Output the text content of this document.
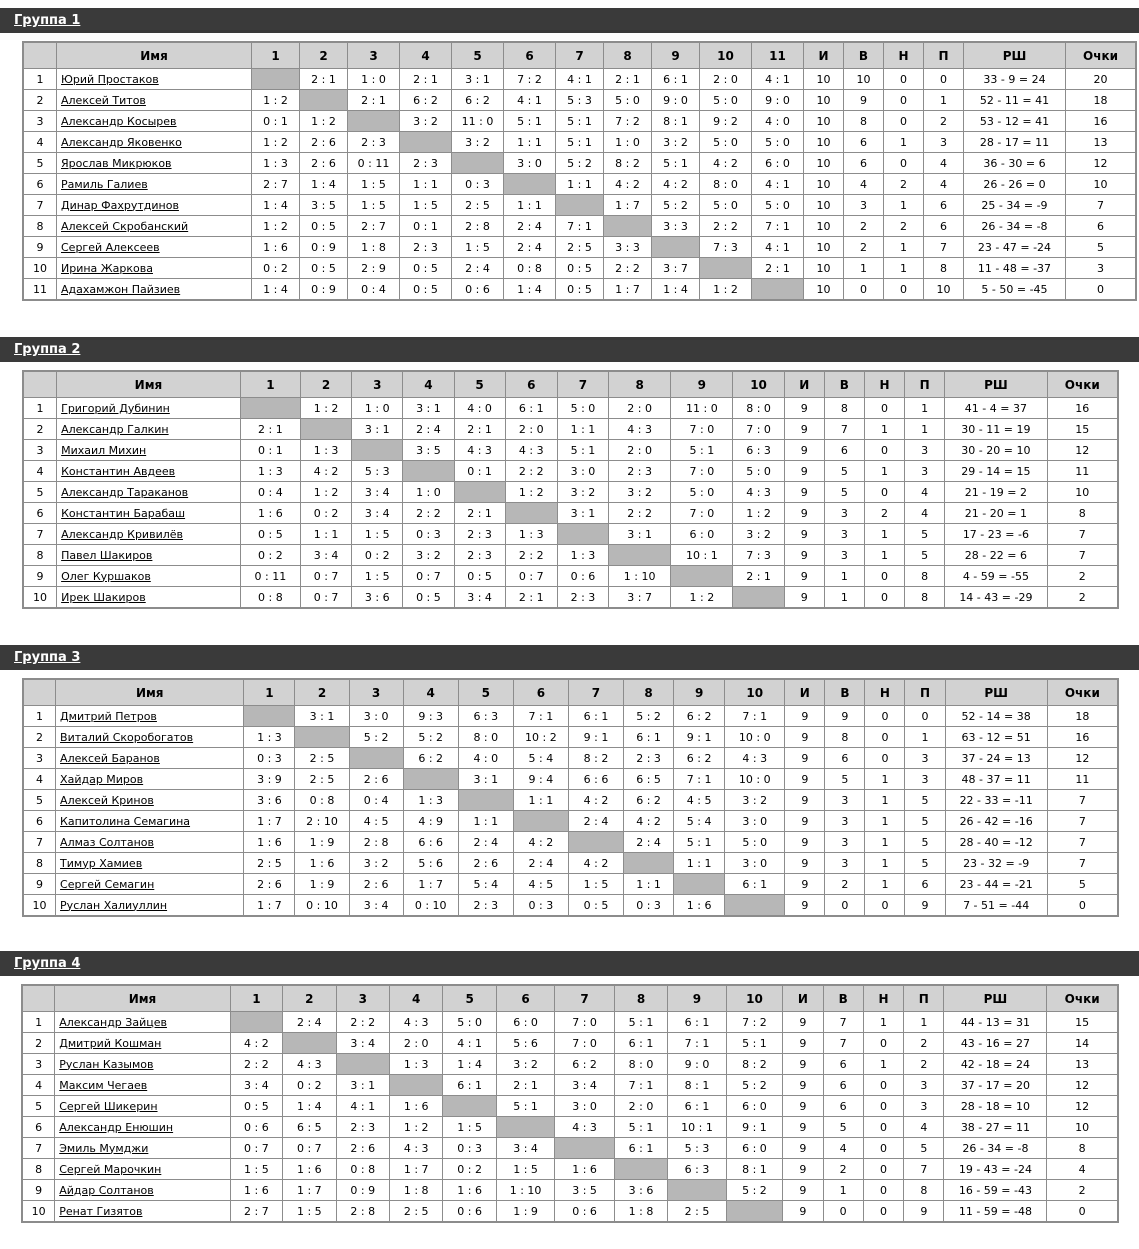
Группа 1
	Имя	1	2	3	4	5	6	7	8	9	10	11	И	В	Н	П	РШ	Очки
1	Юрий Простаков		2 : 1	1 : 0	2 : 1	3 : 1	7 : 2	4 : 1	2 : 1	6 : 1	2 : 0	4 : 1	10	10	0	0	33 - 9 = 24	20
2	Алексей Титов	1 : 2		2 : 1	6 : 2	6 : 2	4 : 1	5 : 3	5 : 0	9 : 0	5 : 0	9 : 0	10	9	0	1	52 - 11 = 41	18
3	Александр Косырев	0 : 1	1 : 2		3 : 2	11 : 0	5 : 1	5 : 1	7 : 2	8 : 1	9 : 2	4 : 0	10	8	0	2	53 - 12 = 41	16
4	Александр Яковенко	1 : 2	2 : 6	2 : 3		3 : 2	1 : 1	5 : 1	1 : 0	3 : 2	5 : 0	5 : 0	10	6	1	3	28 - 17 = 11	13
5	Ярослав Микрюков	1 : 3	2 : 6	0 : 11	2 : 3		3 : 0	5 : 2	8 : 2	5 : 1	4 : 2	6 : 0	10	6	0	4	36 - 30 = 6	12
6	Рамиль Галиев	2 : 7	1 : 4	1 : 5	1 : 1	0 : 3		1 : 1	4 : 2	4 : 2	8 : 0	4 : 1	10	4	2	4	26 - 26 = 0	10
7	Динар Фахрутдинов	1 : 4	3 : 5	1 : 5	1 : 5	2 : 5	1 : 1		1 : 7	5 : 2	5 : 0	5 : 0	10	3	1	6	25 - 34 = -9	7
8	Алексей Скробанский	1 : 2	0 : 5	2 : 7	0 : 1	2 : 8	2 : 4	7 : 1		3 : 3	2 : 2	7 : 1	10	2	2	6	26 - 34 = -8	6
9	Сергей Алексеев	1 : 6	0 : 9	1 : 8	2 : 3	1 : 5	2 : 4	2 : 5	3 : 3		7 : 3	4 : 1	10	2	1	7	23 - 47 = -24	5
10	Ирина Жаркова	0 : 2	0 : 5	2 : 9	0 : 5	2 : 4	0 : 8	0 : 5	2 : 2	3 : 7		2 : 1	10	1	1	8	11 - 48 = -37	3
11	Адахамжон Пайзиев	1 : 4	0 : 9	0 : 4	0 : 5	0 : 6	1 : 4	0 : 5	1 : 7	1 : 4	1 : 2		10	0	0	10	5 - 50 = -45	0
Группа 2
	Имя	1	2	3	4	5	6	7	8	9	10	И	В	Н	П	РШ	Очки
1	Григорий Дубинин		1 : 2	1 : 0	3 : 1	4 : 0	6 : 1	5 : 0	2 : 0	11 : 0	8 : 0	9	8	0	1	41 - 4 = 37	16
2	Александр Галкин	2 : 1		3 : 1	2 : 4	2 : 1	2 : 0	1 : 1	4 : 3	7 : 0	7 : 0	9	7	1	1	30 - 11 = 19	15
3	Михаил Михин	0 : 1	1 : 3		3 : 5	4 : 3	4 : 3	5 : 1	2 : 0	5 : 1	6 : 3	9	6	0	3	30 - 20 = 10	12
4	Константин Авдеев	1 : 3	4 : 2	5 : 3		0 : 1	2 : 2	3 : 0	2 : 3	7 : 0	5 : 0	9	5	1	3	29 - 14 = 15	11
5	Александр Тараканов	0 : 4	1 : 2	3 : 4	1 : 0		1 : 2	3 : 2	3 : 2	5 : 0	4 : 3	9	5	0	4	21 - 19 = 2	10
6	Константин Барабаш	1 : 6	0 : 2	3 : 4	2 : 2	2 : 1		3 : 1	2 : 2	7 : 0	1 : 2	9	3	2	4	21 - 20 = 1	8
7	Александр Кривилёв	0 : 5	1 : 1	1 : 5	0 : 3	2 : 3	1 : 3		3 : 1	6 : 0	3 : 2	9	3	1	5	17 - 23 = -6	7
8	Павел Шакиров	0 : 2	3 : 4	0 : 2	3 : 2	2 : 3	2 : 2	1 : 3		10 : 1	7 : 3	9	3	1	5	28 - 22 = 6	7
9	Олег Куршаков	0 : 11	0 : 7	1 : 5	0 : 7	0 : 5	0 : 7	0 : 6	1 : 10		2 : 1	9	1	0	8	4 - 59 = -55	2
10	Ирек Шакиров	0 : 8	0 : 7	3 : 6	0 : 5	3 : 4	2 : 1	2 : 3	3 : 7	1 : 2		9	1	0	8	14 - 43 = -29	2
Группа 3
	Имя	1	2	3	4	5	6	7	8	9	10	И	В	Н	П	РШ	Очки
1	Дмитрий Петров		3 : 1	3 : 0	9 : 3	6 : 3	7 : 1	6 : 1	5 : 2	6 : 2	7 : 1	9	9	0	0	52 - 14 = 38	18
2	Виталий Скоробогатов	1 : 3		5 : 2	5 : 2	8 : 0	10 : 2	9 : 1	6 : 1	9 : 1	10 : 0	9	8	0	1	63 - 12 = 51	16
3	Алексей Баранов	0 : 3	2 : 5		6 : 2	4 : 0	5 : 4	8 : 2	2 : 3	6 : 2	4 : 3	9	6	0	3	37 - 24 = 13	12
4	Хайдар Миров	3 : 9	2 : 5	2 : 6		3 : 1	9 : 4	6 : 6	6 : 5	7 : 1	10 : 0	9	5	1	3	48 - 37 = 11	11
5	Алексей Кринов	3 : 6	0 : 8	0 : 4	1 : 3		1 : 1	4 : 2	6 : 2	4 : 5	3 : 2	9	3	1	5	22 - 33 = -11	7
6	Капитолина Семагина	1 : 7	2 : 10	4 : 5	4 : 9	1 : 1		2 : 4	4 : 2	5 : 4	3 : 0	9	3	1	5	26 - 42 = -16	7
7	Алмаз Солтанов	1 : 6	1 : 9	2 : 8	6 : 6	2 : 4	4 : 2		2 : 4	5 : 1	5 : 0	9	3	1	5	28 - 40 = -12	7
8	Тимур Хамиев	2 : 5	1 : 6	3 : 2	5 : 6	2 : 6	2 : 4	4 : 2		1 : 1	3 : 0	9	3	1	5	23 - 32 = -9	7
9	Сергей Семагин	2 : 6	1 : 9	2 : 6	1 : 7	5 : 4	4 : 5	1 : 5	1 : 1		6 : 1	9	2	1	6	23 - 44 = -21	5
10	Руслан Халиуллин	1 : 7	0 : 10	3 : 4	0 : 10	2 : 3	0 : 3	0 : 5	0 : 3	1 : 6		9	0	0	9	7 - 51 = -44	0
Группа 4
	Имя	1	2	3	4	5	6	7	8	9	10	И	В	Н	П	РШ	Очки
1	Александр Зайцев		2 : 4	2 : 2	4 : 3	5 : 0	6 : 0	7 : 0	5 : 1	6 : 1	7 : 2	9	7	1	1	44 - 13 = 31	15
2	Дмитрий Кошман	4 : 2		3 : 4	2 : 0	4 : 1	5 : 6	7 : 0	6 : 1	7 : 1	5 : 1	9	7	0	2	43 - 16 = 27	14
3	Руслан Казымов	2 : 2	4 : 3		1 : 3	1 : 4	3 : 2	6 : 2	8 : 0	9 : 0	8 : 2	9	6	1	2	42 - 18 = 24	13
4	Максим Чегаев	3 : 4	0 : 2	3 : 1		6 : 1	2 : 1	3 : 4	7 : 1	8 : 1	5 : 2	9	6	0	3	37 - 17 = 20	12
5	Сергей Шикерин	0 : 5	1 : 4	4 : 1	1 : 6		5 : 1	3 : 0	2 : 0	6 : 1	6 : 0	9	6	0	3	28 - 18 = 10	12
6	Александр Енюшин	0 : 6	6 : 5	2 : 3	1 : 2	1 : 5		4 : 3	5 : 1	10 : 1	9 : 1	9	5	0	4	38 - 27 = 11	10
7	Эмиль Мумджи	0 : 7	0 : 7	2 : 6	4 : 3	0 : 3	3 : 4		6 : 1	5 : 3	6 : 0	9	4	0	5	26 - 34 = -8	8
8	Сергей Марочкин	1 : 5	1 : 6	0 : 8	1 : 7	0 : 2	1 : 5	1 : 6		6 : 3	8 : 1	9	2	0	7	19 - 43 = -24	4
9	Айдар Солтанов	1 : 6	1 : 7	0 : 9	1 : 8	1 : 6	1 : 10	3 : 5	3 : 6		5 : 2	9	1	0	8	16 - 59 = -43	2
10	Ренат Гизятов	2 : 7	1 : 5	2 : 8	2 : 5	0 : 6	1 : 9	0 : 6	1 : 8	2 : 5		9	0	0	9	11 - 59 = -48	0
